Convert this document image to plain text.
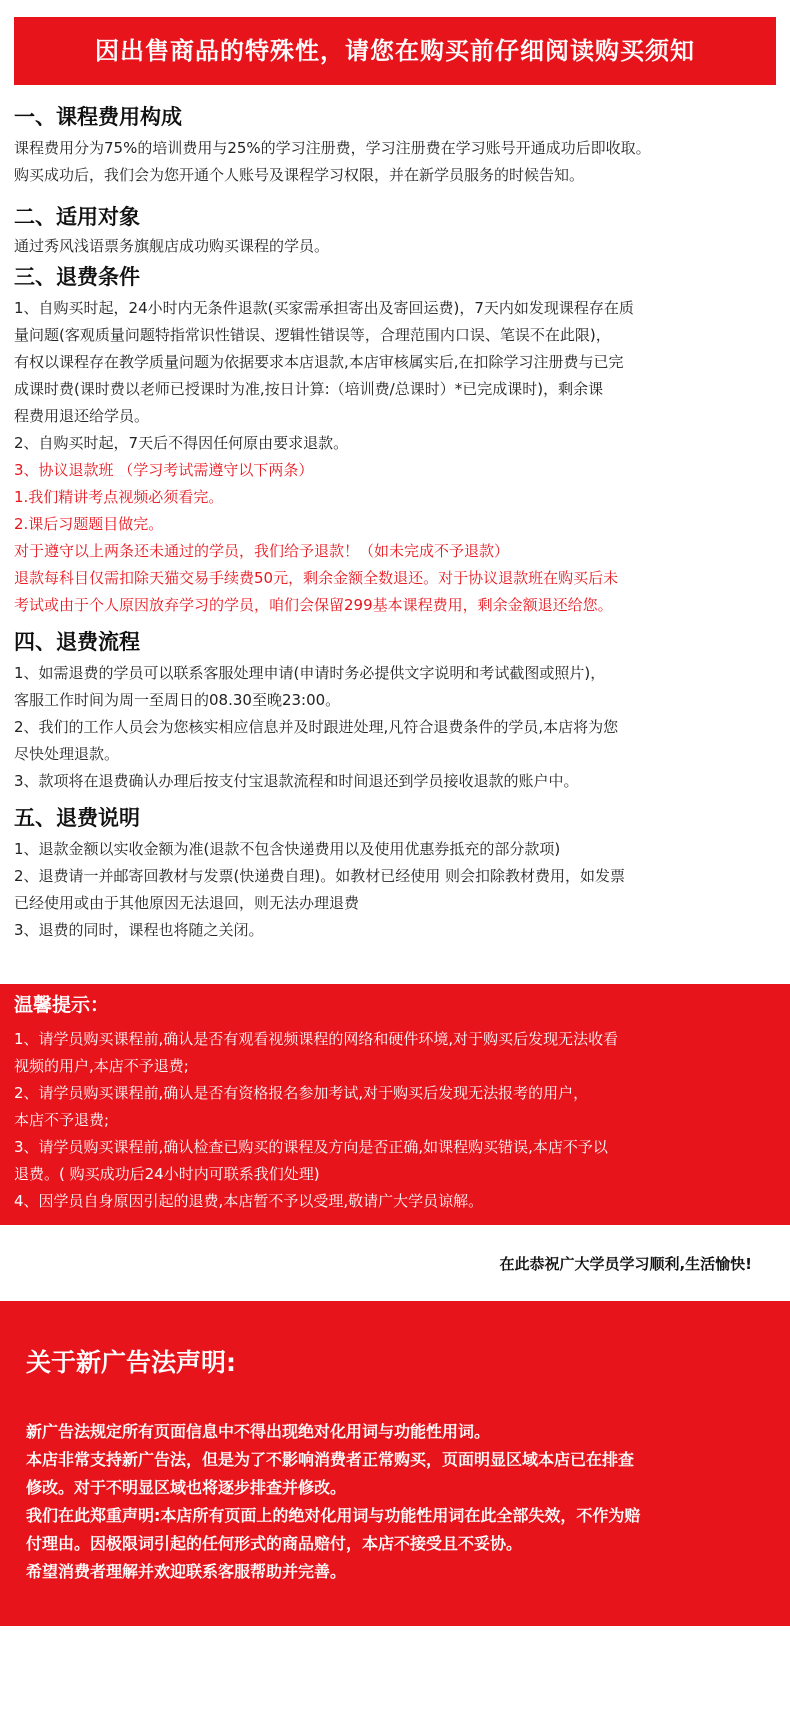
因出售商品的特殊性，请您在购买前仔细阅读购买须知
一、课程费用构成
课程费用分为75%的培训费用与25%的学习注册费，学习注册费在学习账号开通成功后即收取。
购买成功后，我们会为您开通个人账号及课程学习权限，并在新学员服务的时候告知。
二、适用对象
通过秀风浅语票务旗舰店成功购买课程的学员。
三、退费条件
1、自购买时起，24小时内无条件退款(买家需承担寄出及寄回运费)，7天内如发现课程存在质
量问题(客观质量问题特指常识性错误、逻辑性错误等，合理范围内口误、笔误不在此限)，
有权以课程存在教学质量问题为依据要求本店退款,本店审核属实后,在扣除学习注册费与已完
成课时费(课时费以老师已授课时为准,按日计算:（培训费/总课时）*已完成课时)，剩余课
程费用退还给学员。
2、自购买时起，7天后不得因任何原由要求退款。
3、协议退款班 （学习考试需遵守以下两条）
1.我们精讲考点视频必须看完。
2.课后习题题目做完。
对于遵守以上两条还未通过的学员，我们给予退款！（如未完成不予退款）
退款每科目仅需扣除天猫交易手续费50元，剩余金额全数退还。对于协议退款班在购买后未
考试或由于个人原因放弃学习的学员，咱们会保留299基本课程费用，剩余金额退还给您。
四、退费流程
1、如需退费的学员可以联系客服处理申请(申请时务必提供文字说明和考试截图或照片)，
客服工作时间为周一至周日的08.30至晚23:00。
2、我们的工作人员会为您核实相应信息并及时跟进处理,凡符合退费条件的学员,本店将为您
尽快处理退款。
3、款项将在退费确认办理后按支付宝退款流程和时间退还到学员接收退款的账户中。
五、退费说明
1、退款金额以实收金额为准(退款不包含快递费用以及使用优惠券抵充的部分款项)
2、退费请一并邮寄回教材与发票(快递费自理)。如教材已经使用 则会扣除教材费用，如发票
已经使用或由于其他原因无法退回，则无法办理退费
3、退费的同时，课程也将随之关闭。
温馨提示：
1、请学员购买课程前,确认是否有观看视频课程的网络和硬件环境,对于购买后发现无法收看
视频的用户,本店不予退费;
2、请学员购买课程前,确认是否有资格报名参加考试,对于购买后发现无法报考的用户，
本店不予退费;
3、请学员购买课程前,确认检查已购买的课程及方向是否正确,如课程购买错误,本店不予以
退费。( 购买成功后24小时内可联系我们处理)
4、因学员自身原因引起的退费,本店暂不予以受理,敬请广大学员谅解。
在此恭祝广大学员学习顺利,生活愉快!
关于新广告法声明:
新广告法规定所有页面信息中不得出现绝对化用词与功能性用词。
本店非常支持新广告法，但是为了不影响消费者正常购买，页面明显区域本店已在排查
修改。对于不明显区域也将逐步排查并修改。
我们在此郑重声明:本店所有页面上的绝对化用词与功能性用词在此全部失效，不作为赔
付理由。因极限词引起的任何形式的商品赔付，本店不接受且不妥协。
希望消费者理解并欢迎联系客服帮助并完善。
